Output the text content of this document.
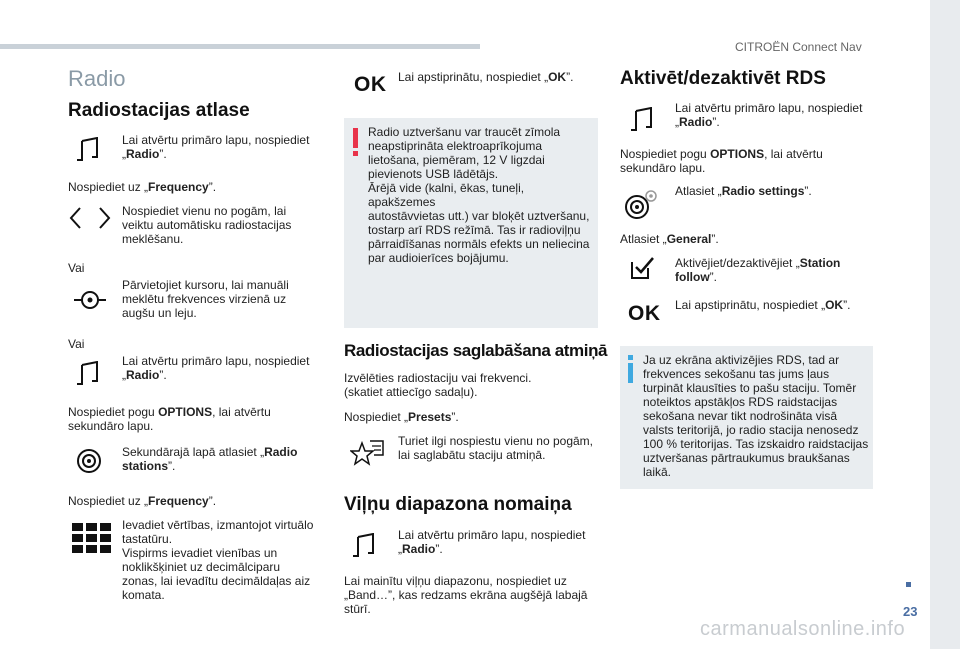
CITROËN Connect Nav
23
carmanualsonline.info
Radio
Radiostacijas atlase
Lai atvērtu primāro lapu, nospiediet
„Radio”.
Nospiediet uz „Frequency”.
Nospiediet vienu no pogām, lai
veiktu automātisku radiostacijas
meklēšanu.
Vai
Pārvietojiet kursoru, lai manuāli
meklētu frekvences virzienā uz
augšu un leju.
Vai
Lai atvērtu primāro lapu, nospiediet
„Radio”.
Nospiediet pogu OPTIONS, lai atvērtu
sekundāro lapu.
Sekundārajā lapā atlasiet „Radio
stations”.
Nospiediet uz „Frequency”.
Ievadiet vērtības, izmantojot virtuālo
tastatūru.
Vispirms ievadiet vienības un
noklikšķiniet uz decimālciparu
zonas, lai ievadītu decimāldaļas aiz
komata.
OK Lai apstiprinātu, nospiediet „OK”.
Radio uztveršanu var traucēt zīmola
neapstiprināta elektroaprīkojuma
lietošana, piemēram, 12 V ligzdai
pievienots USB lādētājs.
Ārējā vide (kalni, ēkas, tuneļi, apakšzemes
autostāvvietas utt.) var bloķēt uztveršanu,
tostarp arī RDS režīmā. Tas ir radioviļņu
pārraidīšanas normāls efekts un neliecina
par audioierīces bojājumu.
Radiostacijas saglabāšana atmiņā
Izvēlēties radiostaciju vai frekvenci.
(skatiet attiecīgo sadaļu).
Nospiediet „Presets”.
Turiet ilgi nospiestu vienu no pogām,
lai saglabātu staciju atmiņā.
Viļņu diapazona nomaiņa
Lai atvērtu primāro lapu, nospiediet
„Radio”.
Lai mainītu viļņu diapazonu, nospiediet uz
„Band…”, kas redzams ekrāna augšējā labajā
stūrī.
Aktivēt/dezaktivēt RDS
Lai atvērtu primāro lapu, nospiediet
„Radio”.
Nospiediet pogu OPTIONS, lai atvērtu
sekundāro lapu.
Atlasiet „Radio settings”.
Atlasiet „General”.
Aktivējiet/dezaktivējiet „Station
follow”.
OK Lai apstiprinātu, nospiediet „OK”.
Ja uz ekrāna aktivizējies RDS, tad ar
frekvences sekošanu tas jums ļaus
turpināt klausīties to pašu staciju. Tomēr
noteiktos apstākļos RDS raidstacijas
sekošana nevar tikt nodrošināta visā
valsts teritorijā, jo radio stacija nenosedz
100 % teritorijas. Tas izskaidro raidstacijas
uztveršanas pārtraukumus braukšanas
laikā.
